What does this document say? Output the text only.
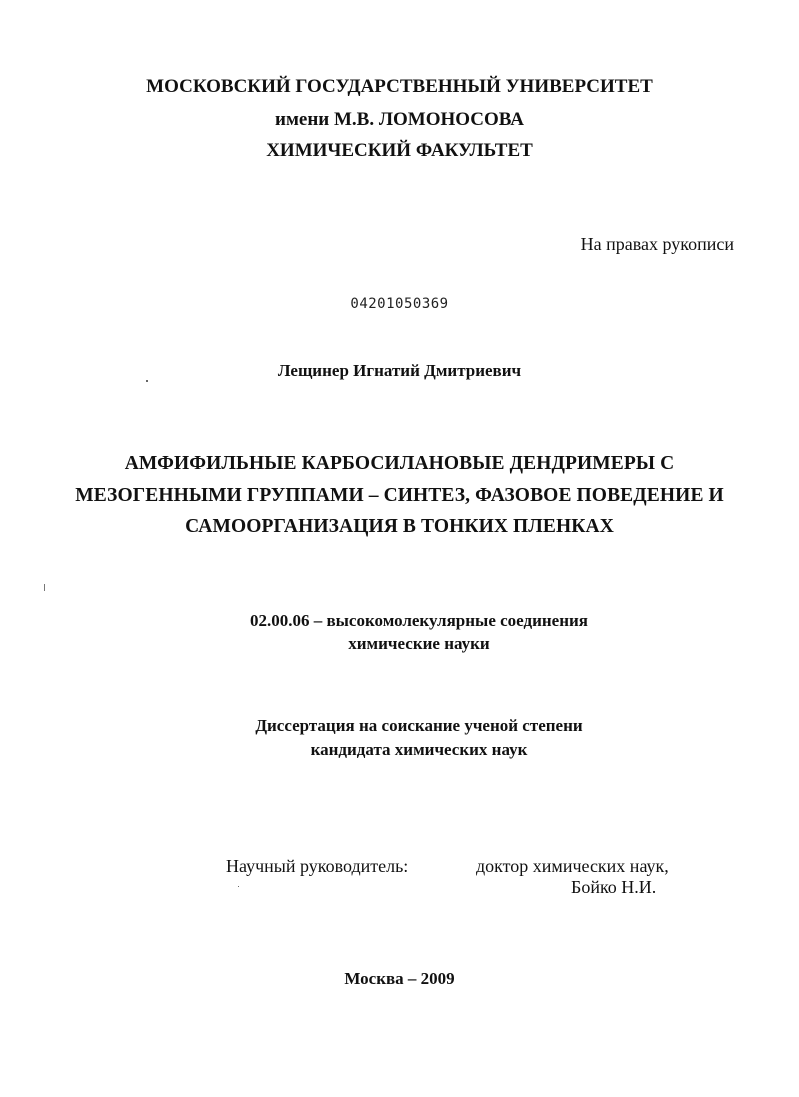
МОСКОВСКИЙ ГОСУДАРСТВЕННЫЙ УНИВЕРСИТЕТ
имени М.В. ЛОМОНОСОВА
ХИМИЧЕСКИЙ ФАКУЛЬТЕТ
На правах рукописи
04201050369
Лещинер Игнатий Дмитриевич
АМФИФИЛЬНЫЕ КАРБОСИЛАНОВЫЕ ДЕНДРИМЕРЫ С
МЕЗОГЕННЫМИ ГРУППАМИ – СИНТЕЗ, ФАЗОВОЕ ПОВЕДЕНИЕ И
САМООРГАНИЗАЦИЯ В ТОНКИХ ПЛЕНКАХ
02.00.06 – высокомолекулярные соединения
химические науки
Диссертация на соискание ученой степени
кандидата химических наук
Научный руководитель:	доктор химических наук,
Бойко Н.И.
Москва – 2009
